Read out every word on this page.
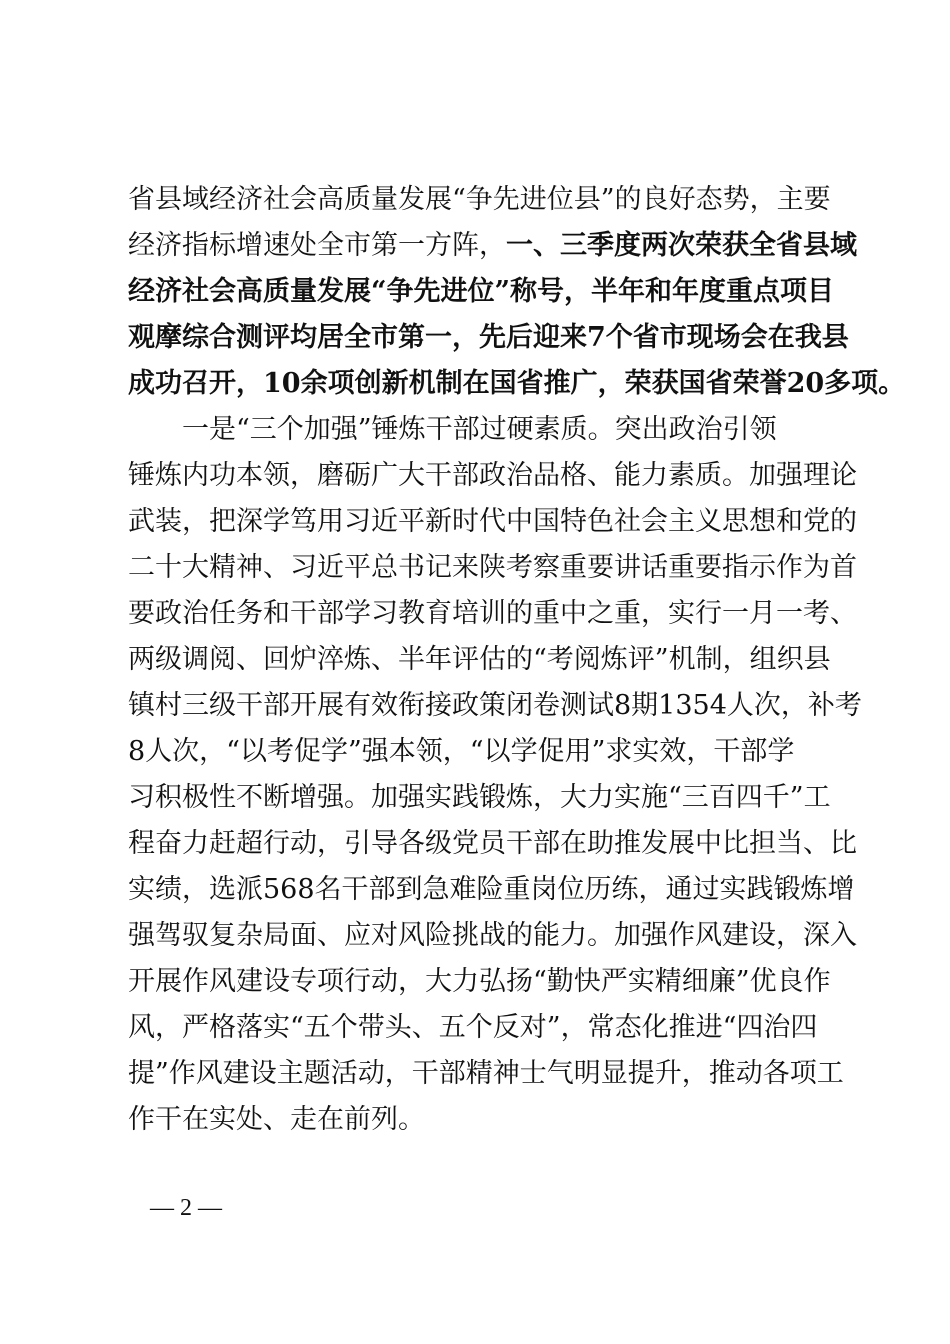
省县域经济社会高质量发展“争先进位县”的良好态势，主要
经济指标增速处全市第一方阵，一、三季度两次荣获全省县域
经济社会高质量发展“争先进位”称号，半年和年度重点项目
观摩综合测评均居全市第一，先后迎来7个省市现场会在我县
成功召开，10余项创新机制在国省推广，荣获国省荣誉20多项。
　　一是“三个加强”锤炼干部过硬素质。突出政治引领
锤炼内功本领，磨砺广大干部政治品格、能力素质。加强理论
武装，把深学笃用习近平新时代中国特色社会主义思想和党的
二十大精神、习近平总书记来陕考察重要讲话重要指示作为首
要政治任务和干部学习教育培训的重中之重，实行一月一考、
两级调阅、回炉淬炼、半年评估的“考阅炼评”机制，组织县
镇村三级干部开展有效衔接政策闭卷测试8期1354人次，补考
8人次，“以考促学”强本领，“以学促用”求实效，干部学
习积极性不断增强。加强实践锻炼，大力实施“三百四千”工
程奋力赶超行动，引导各级党员干部在助推发展中比担当、比
实绩，选派568名干部到急难险重岗位历练，通过实践锻炼增
强驾驭复杂局面、应对风险挑战的能力。加强作风建设，深入
开展作风建设专项行动，大力弘扬“勤快严实精细廉”优良作
风，严格落实“五个带头、五个反对”，常态化推进“四治四
提”作风建设主题活动，干部精神士气明显提升，推动各项工
作干在实处、走在前列。
— 2 —
